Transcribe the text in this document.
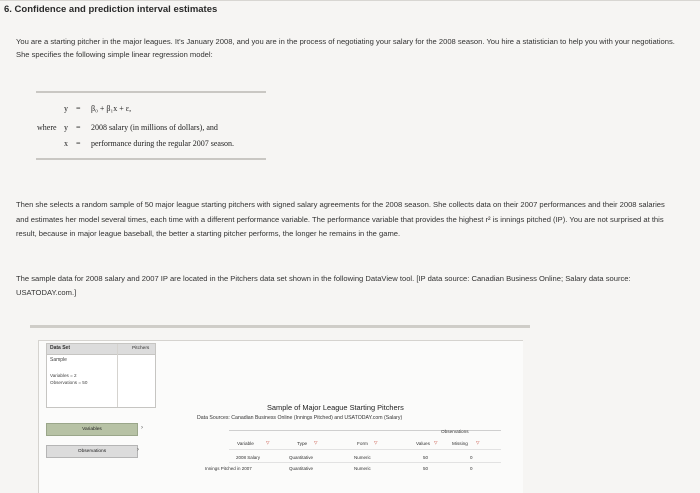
6. Confidence and prediction interval estimates
You are a starting pitcher in the major leagues. It's January 2008, and you are in the process of negotiating your salary for the 2008 season. You hire a statistician to help you with your negotiations. She specifies the following simple linear regression model:
y = β₀ + β₁x + ε,
where y = 2008 salary (in millions of dollars), and
x = performance during the regular 2007 season.
Then she selects a random sample of 50 major league starting pitchers with signed salary agreements for the 2008 season. She collects data on their 2007 performances and their 2008 salaries and estimates her model several times, each time with a different performance variable. The performance variable that provides the highest r² is innings pitched (IP). You are not surprised at this result, because in major league baseball, the better a starting pitcher performs, the longer he remains in the game.
The sample data for 2008 salary and 2007 IP are located in the Pitchers data set shown in the following DataView tool. [IP data source: Canadian Business Online; Salary data source: USATODAY.com.]
Data Set	Pitchers
Sample
Variables = 2
Observations = 50
Variables	›
Observations	›
Sample of Major League Starting Pitchers
Data Sources: Canadian Business Online (Innings Pitched) and USATODAY.com (Salary)
Observations
Variable	▽	Type ▽	Form ▽	Values ▽	Missing ▽
2008 Salary	Quantitative	Numeric	50	0
Innings Pitched in 2007	Quantitative	Numeric	50	0
